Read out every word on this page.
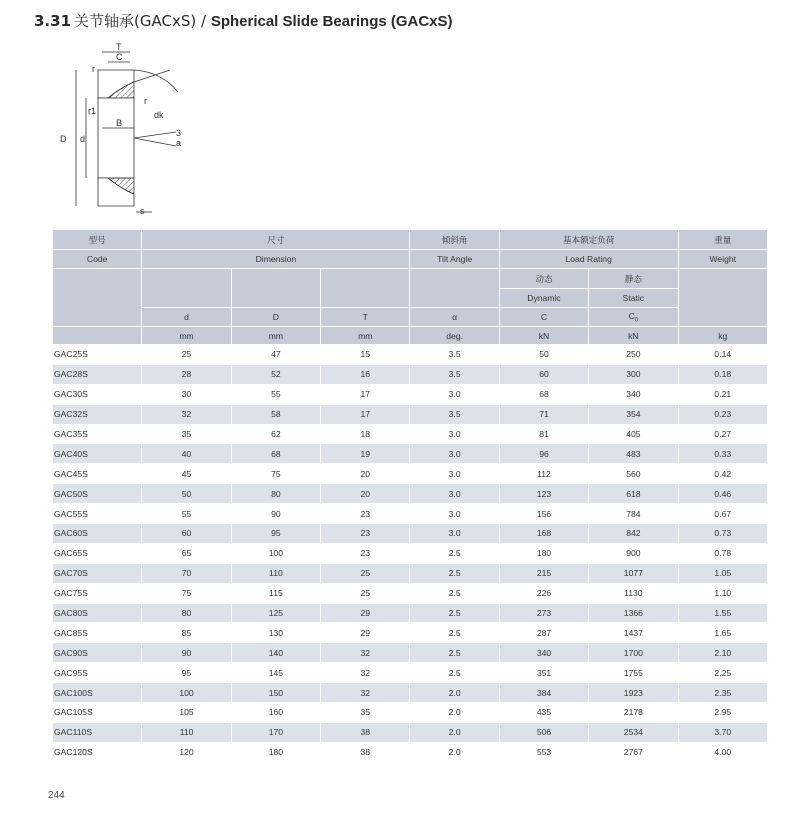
3.31 关节轴承(GACxS) / Spherical Slide Bearings (GACxS)
T
C
r
r1
r
B
dk
D d
3
a
s
型号	尺寸			倾斜角	基本额定负荷		重量
Code	Dimension			Tilt Angle	Load Rating		Weight
					动态	静态	
					Dynamic	Static	
	d	D	T	α	C	$C_0$
	mm	mm	mm	deg.	kN	kN	kg
GAC25S	25	47	15	3.5	50	250	0.14
GAC28S	28	52	16	3.5	60	300	0.18
GAC30S	30	55	17	3.0	68	340	0.21
GAC32S	32	58	17	3.5	71	354	0.23
GAC35S	35	62	18	3.0	81	405	0.27
GAC40S	40	68	19	3.0	96	483	0.33
GAC45S	45	75	20	3.0	112	560	0.42
GAC50S	50	80	20	3.0	123	618	0.46
GAC55S	55	90	23	3.0	156	784	0.67
GAC60S	60	95	23	3.0	168	842	0.73
GAC65S	65	100	23	2.5	180	900	0.78
GAC70S	70	110	25	2.5	215	1077	1.05
GAC75S	75	115	25	2.5	226	1130	1.10
GAC80S	80	125	29	2.5	273	1366	1.55
GAC85S	85	130	29	2.5	287	1437	1.65
GAC90S	90	140	32	2.5	340	1700	2.10
GAC95S	95	145	32	2.5	351	1755	2.25
GAC100S	100	150	32	2.0	384	1923	2.35
GAC105S	105	160	35	2.0	435	2178	2.95
GAC110S	110	170	38	2.0	506	2534	3.70
GAC120S	120	180	38	2.0	553	2767	4.00
244
